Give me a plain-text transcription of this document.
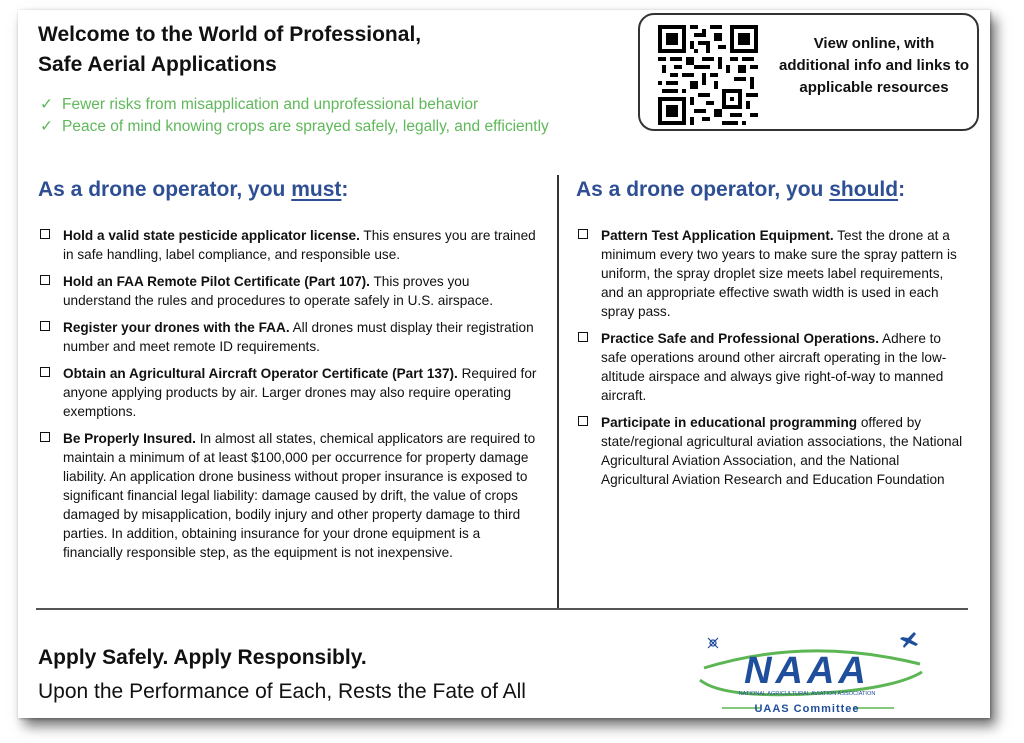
Welcome to the World of Professional,
Safe Aerial Applications
✓ Fewer risks from misapplication and unprofessional behavior
✓ Peace of mind knowing crops are sprayed safely, legally, and efficiently
View online, with additional info and links to applicable resources
As a drone operator, you must:	As a drone operator, you should:
Hold a valid state pesticide applicator license. This ensures you are trained in safe handling, label compliance, and responsible use.
Hold an FAA Remote Pilot Certificate (Part 107). This proves you understand the rules and procedures to operate safely in U.S. airspace.
Register your drones with the FAA. All drones must display their registration number and meet remote ID requirements.
Obtain an Agricultural Aircraft Operator Certificate (Part 137). Required for anyone applying products by air. Larger drones may also require operating exemptions.
Be Properly Insured. In almost all states, chemical applicators are required to maintain a minimum of at least $100,000 per occurrence for property damage liability. An application drone business without proper insurance is exposed to significant financial legal liability: damage caused by drift, the value of crops damaged by misapplication, bodily injury and other property damage to third parties. In addition, obtaining insurance for your drone equipment is a financially responsible step, as the equipment is not inexpensive.
Pattern Test Application Equipment. Test the drone at a minimum every two years to make sure the spray pattern is uniform, the spray droplet size meets label requirements, and an appropriate effective swath width is used in each spray pass.
Practice Safe and Professional Operations. Adhere to safe operations around other aircraft operating in the low-altitude airspace and always give right-of-way to manned aircraft.
Participate in educational programming offered by state/regional agricultural aviation associations, the National Agricultural Aviation Association, and the National Agricultural Aviation Research and Education Foundation
Apply Safely. Apply Responsibly.
Upon the Performance of Each, Rests the Fate of All	NAAA
NATIONAL AGRICULTURAL AVIATION ASSOCIATION
UAAS Committee
